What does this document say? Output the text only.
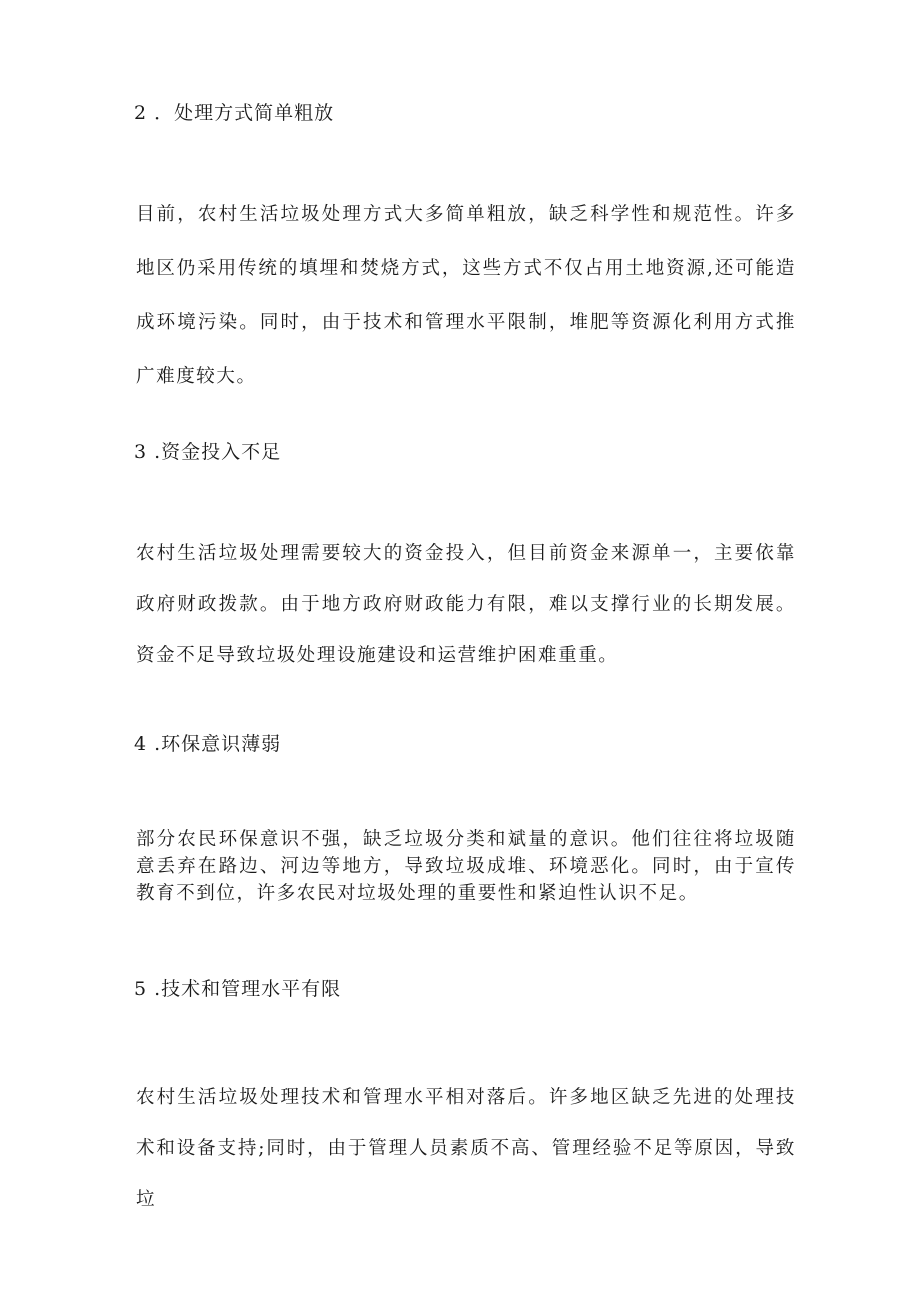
2 ．处理方式简单粗放

目前，农村生活垃圾处理方式大多简单粗放，缺乏科学性和规范性。许多地区仍采用传统的填埋和焚烧方式，这些方式不仅占用土地资源,还可能造成环境污染。同时，由于技术和管理水平限制，堆肥等资源化利用方式推广难度较大。

3 .资金投入不足

农村生活垃圾处理需要较大的资金投入，但目前资金来源单一，主要依靠政府财政拨款。由于地方政府财政能力有限，难以支撑行业的长期发展。资金不足导致垃圾处理设施建设和运营维护困难重重。

4 .环保意识薄弱

部分农民环保意识不强，缺乏垃圾分类和斌量的意识。他们往往将垃圾随意丢弃在路边、河边等地方，导致垃圾成堆、环境恶化。同时，由于宣传教育不到位，许多农民对垃圾处理的重要性和紧迫性认识不足。

5 .技术和管理水平有限

农村生活垃圾处理技术和管理水平相对落后。许多地区缺乏先进的处理技术和设备支持;同时，由于管理人员素质不高、管理经验不足等原因，导致垃
